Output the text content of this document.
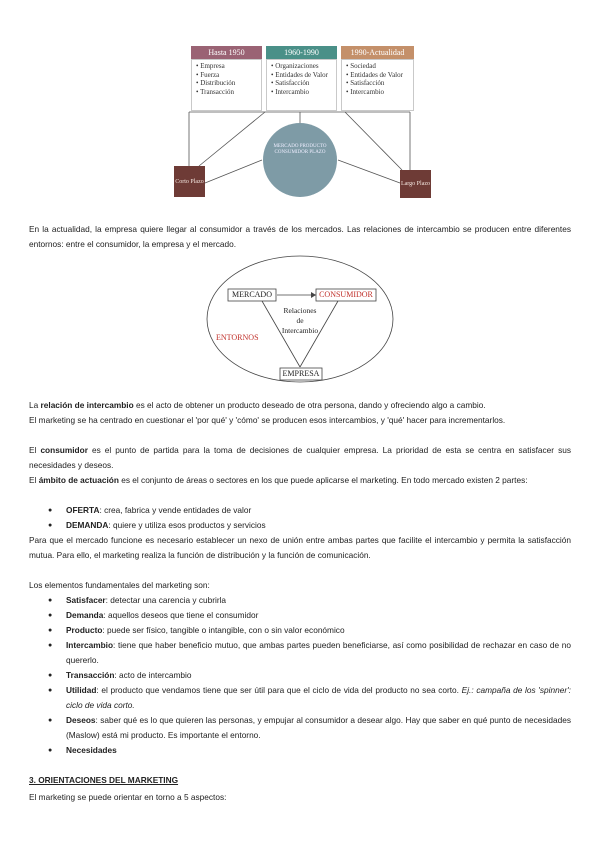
Hasta 1950
• Empresa
• Fuerza
• Distribución
• Transacción
1960-1990
• Organizaciones
• Entidades de Valor
• Satisfacción
• Intercambio
1990-Actualidad
• Sociedad
• Entidades de Valor
• Satisfacción
• Intercambio
MERCADO PRODUCTO CONSUMIDOR PLAZO
Corto Plazo	Largo Plazo
En la actualidad, la empresa quiere llegar al consumidor a través de los mercados. Las relaciones de intercambio se producen entre diferentes entornos: entre el consumidor, la empresa y el mercado.
MERCADO	CONSUMIDOR
EMPRESA
ENTORNOS
Relaciones
de
Intercambio
La relación de intercambio es el acto de obtener un producto deseado de otra persona, dando y ofreciendo algo a cambio.
El marketing se ha centrado en cuestionar el 'por qué' y 'cómo' se producen esos intercambios, y 'qué' hacer para incrementarlos.
El consumidor es el punto de partida para la toma de decisiones de cualquier empresa. La prioridad de esta se centra en satisfacer sus necesidades y deseos.
El ámbito de actuación es el conjunto de áreas o sectores en los que puede aplicarse el marketing. En todo mercado existen 2 partes:
● OFERTA: crea, fabrica y vende entidades de valor
● DEMANDA: quiere y utiliza esos productos y servicios
Para que el mercado funcione es necesario establecer un nexo de unión entre ambas partes que facilite el intercambio y permita la satisfacción mutua. Para ello, el marketing realiza la función de distribución y la función de comunicación.
Los elementos fundamentales del marketing son:
● Satisfacer: detectar una carencia y cubrirla
● Demanda: aquellos deseos que tiene el consumidor
● Producto: puede ser físico, tangible o intangible, con o sin valor económico
● Intercambio: tiene que haber beneficio mutuo, que ambas partes pueden beneficiarse, así como posibilidad de rechazar en caso de no quererlo.
● Transacción: acto de intercambio
● Utilidad: el producto que vendamos tiene que ser útil para que el ciclo de vida del producto no sea corto. Ej.: campaña de los 'spinner': ciclo de vida corto.
● Deseos: saber qué es lo que quieren las personas, y empujar al consumidor a desear algo. Hay que saber en qué punto de necesidades (Maslow) está mi producto. Es importante el entorno.
● Necesidades
3. ORIENTACIONES DEL MARKETING
El marketing se puede orientar en torno a 5 aspectos:
